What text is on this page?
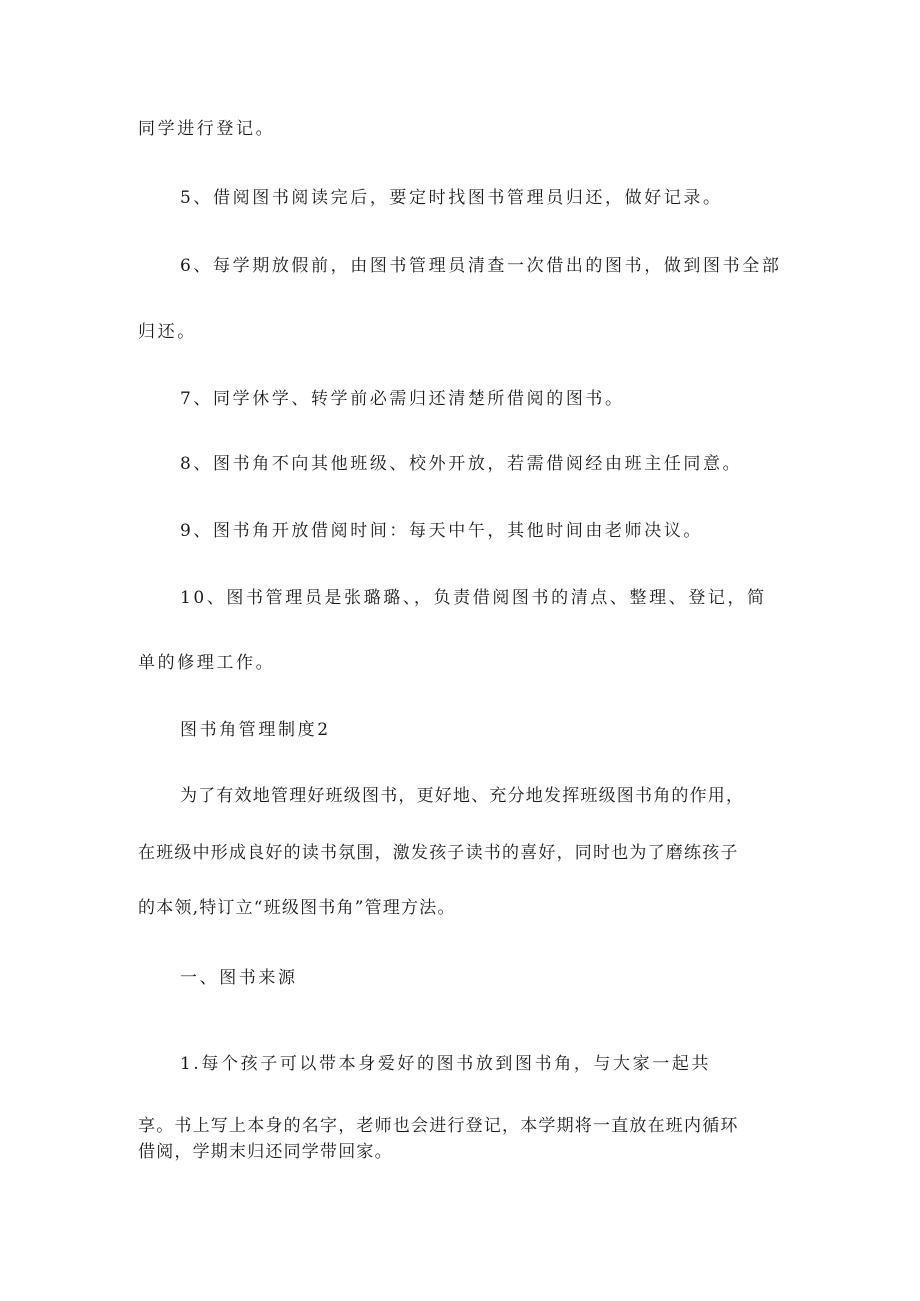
同学进行登记。
5、借阅图书阅读完后，要定时找图书管理员归还，做好记录。
6、每学期放假前，由图书管理员清查一次借出的图书，做到图书全部
归还。
7、同学休学、转学前必需归还清楚所借阅的图书。
8、图书角不向其他班级、校外开放，若需借阅经由班主任同意。
9、图书角开放借阅时间：每天中午，其他时间由老师决议。
10、图书管理员是张璐璐、，负责借阅图书的清点、整理、登记，简
单的修理工作。
图书角管理制度2
为了有效地管理好班级图书，更好地、充分地发挥班级图书角的作用，
在班级中形成良好的读书氛围，激发孩子读书的喜好，同时也为了磨练孩子
的本领,特订立“班级图书角”管理方法。
一、图书来源
1.每个孩子可以带本身爱好的图书放到图书角，与大家一起共
享。书上写上本身的名字，老师也会进行登记，本学期将一直放在班内循环
借阅，学期末归还同学带回家。
